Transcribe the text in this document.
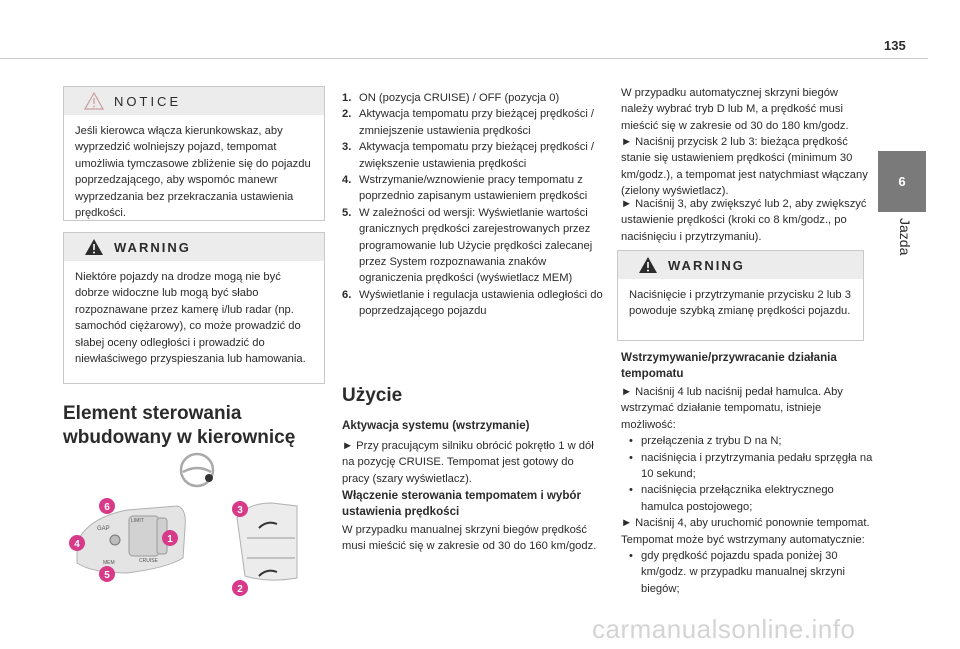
135
6
Jazda
NOTICE
Jeśli kierowca włącza kierunkowskaz, aby wyprzedzić wolniejszy pojazd, tempomat umożliwia tymczasowe zbliżenie się do pojazdu poprzedzającego, aby wspomóc manewr wyprzedzania bez przekraczania ustawienia prędkości.
WARNING
Niektóre pojazdy na drodze mogą nie być dobrze widoczne lub mogą być słabo rozpoznawane przez kamerę i/lub radar (np. samochód ciężarowy), co może prowadzić do słabej oceny odległości i prowadzić do niewłaściwego przyspieszania lub hamowania.
Element sterowania wbudowany w kierownicę
GAP
LIMIT
MEM	CRUISE
6
4
5
1
3
2
1. ON (pozycja CRUISE) / OFF (pozycja 0)
2. Aktywacja tempomatu przy bieżącej prędkości / zmniejszenie ustawienia prędkości
3. Aktywacja tempomatu przy bieżącej prędkości / zwiększenie ustawienia prędkości
4. Wstrzymanie/wznowienie pracy tempomatu z poprzednio zapisanym ustawieniem prędkości
5. W zależności od wersji: Wyświetlanie wartości granicznych prędkości zarejestrowanych przez programowanie lub Użycie prędkości zalecanej przez System rozpoznawania znaków ograniczenia prędkości (wyświetlacz MEM)
6. Wyświetlanie i regulacja ustawienia odległości do poprzedzającego pojazdu
Użycie
Aktywacja systemu (wstrzymanie)

► Przy pracującym silniku obrócić pokrętło 1 w dół na pozycję CRUISE. Tempomat jest gotowy do pracy (szary wyświetlacz).

Włączenie sterowania tempomatem i wybór ustawienia prędkości

W przypadku manualnej skrzyni biegów prędkość musi mieścić się w zakresie od 30 do 160 km/godz.

W przypadku automatycznej skrzyni biegów należy wybrać tryb D lub M, a prędkość musi mieścić się w zakresie od 30 do 180 km/godz.

► Naciśnij przycisk 2 lub 3: bieżąca prędkość stanie się ustawieniem prędkości (minimum 30 km/godz.), a tempomat jest natychmiast włączany (zielony wyświetlacz).

► Naciśnij 3, aby zwiększyć lub 2, aby zwiększyć ustawienie prędkości (kroki co 8 km/godz., po naciśnięciu i przytrzymaniu).

WARNING
Naciśnięcie i przytrzymanie przycisku 2 lub 3 powoduje szybką zmianę prędkości pojazdu.
Wstrzymywanie/przywracanie działania tempomatu
► Naciśnij 4 lub naciśnij pedał hamulca. Aby wstrzymać działanie tempomatu, istnieje możliwość:
• przełączenia z trybu D na N;
• naciśnięcia i przytrzymania pedału sprzęgła na 10 sekund;
• naciśnięcia przełącznika elektrycznego hamulca postojowego;
► Naciśnij 4, aby uruchomić ponownie tempomat. Tempomat może być wstrzymany automatycznie:
• gdy prędkość pojazdu spada poniżej 30 km/godz. w przypadku manualnej skrzyni biegów;
carmanualsonline.info
